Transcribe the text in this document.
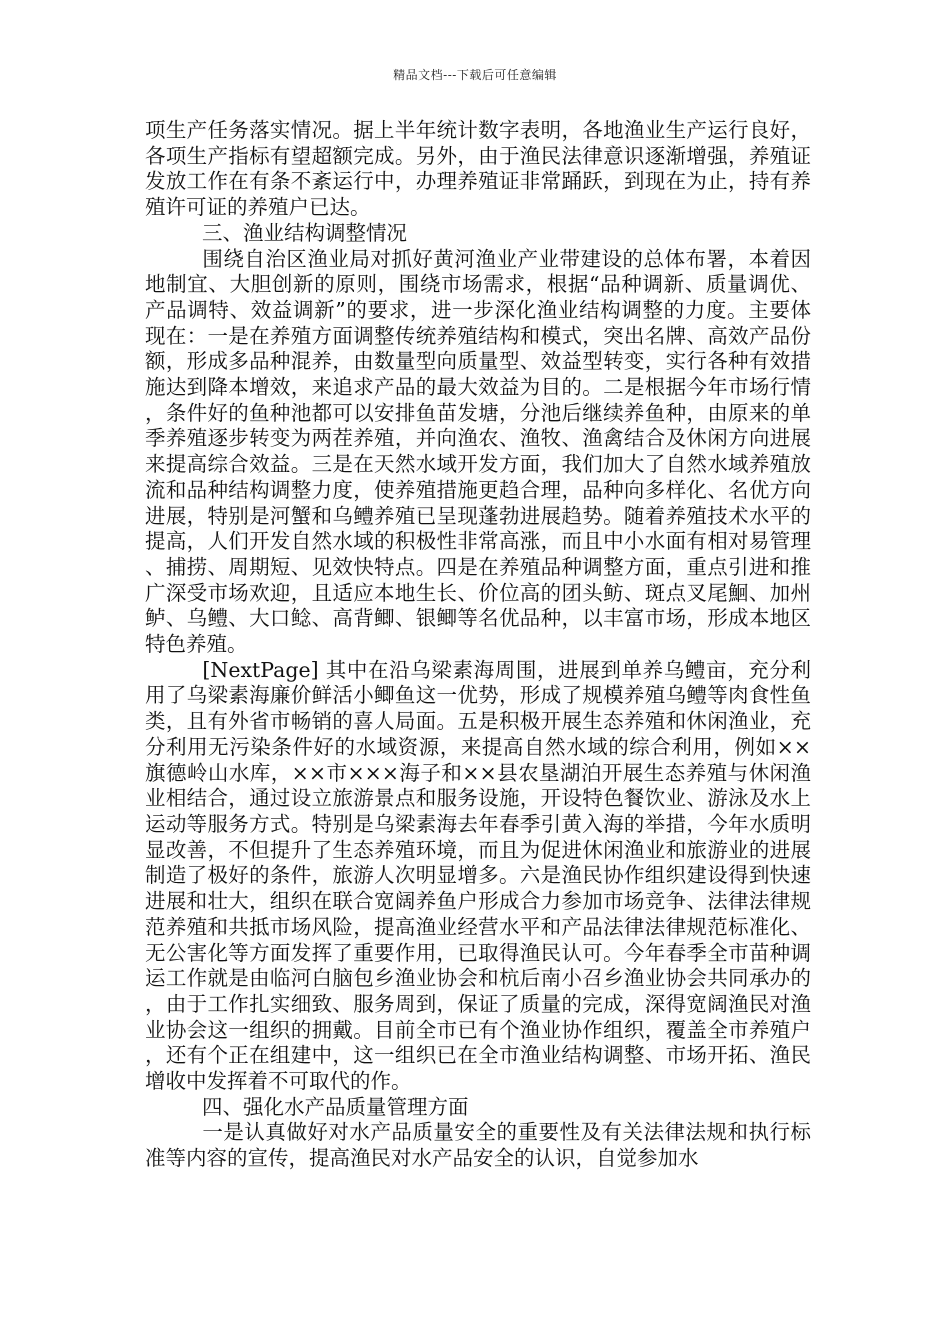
精品文档---下载后可任意编辑

项生产任务落实情况。据上半年统计数字表明，各地渔业生产运行良好，各项生产指标有望超额完成。另外，由于渔民法律意识逐渐增强，养殖证发放工作在有条不紊运行中，办理养殖证非常踊跃，到现在为止，持有养殖许可证的养殖户已达。

三、渔业结构调整情况

围绕自治区渔业局对抓好黄河渔业产业带建设的总体布署，本着因地制宜、大胆创新的原则，围绕市场需求，根据“品种调新、质量调优、产品调特、效益调新”的要求，进一步深化渔业结构调整的力度。主要体现在：一是在养殖方面调整传统养殖结构和模式，突出名牌、高效产品份额，形成多品种混养，由数量型向质量型、效益型转变，实行各种有效措施达到降本增效，来追求产品的最大效益为目的。二是根据今年市场行情，条件好的鱼种池都可以安排鱼苗发塘，分池后继续养鱼种，由原来的单季养殖逐步转变为两茬养殖，并向渔农、渔牧、渔禽结合及休闲方向进展来提高综合效益。三是在天然水域开发方面，我们加大了自然水域养殖放流和品种结构调整力度，使养殖措施更趋合理，品种向多样化、名优方向进展，特别是河蟹和乌鳢养殖已呈现蓬勃进展趋势。随着养殖技术水平的提高，人们开发自然水域的积极性非常高涨，而且中小水面有相对易管理、捕捞、周期短、见效快特点。四是在养殖品种调整方面，重点引进和推广深受市场欢迎，且适应本地生长、价位高的团头鲂、斑点叉尾鮰、加州鲈、乌鳢、大口鲶、高背鲫、银鲫等名优品种，以丰富市场，形成本地区特色养殖。

[NextPage] 其中在沿乌梁素海周围，进展到单养乌鳢亩，充分利用了乌梁素海廉价鲜活小鲫鱼这一优势，形成了规模养殖乌鳢等肉食性鱼类，且有外省市畅销的喜人局面。五是积极开展生态养殖和休闲渔业，充分利用无污染条件好的水域资源，来提高自然水域的综合利用，例如××旗德岭山水库，××市×××海子和××县农垦湖泊开展生态养殖与休闲渔业相结合，通过设立旅游景点和服务设施，开设特色餐饮业、游泳及水上运动等服务方式。特别是乌梁素海去年春季引黄入海的举措，今年水质明显改善，不但提升了生态养殖环境，而且为促进休闲渔业和旅游业的进展制造了极好的条件，旅游人次明显增多。六是渔民协作组织建设得到快速进展和壮大，组织在联合宽阔养鱼户形成合力参加市场竞争、法律法律规范养殖和共抵市场风险，提高渔业经营水平和产品法律法律规范标准化、无公害化等方面发挥了重要作用，已取得渔民认可。今年春季全市苗种调运工作就是由临河白脑包乡渔业协会和杭后南小召乡渔业协会共同承办的，由于工作扎实细致、服务周到，保证了质量的完成，深得宽阔渔民对渔业协会这一组织的拥戴。目前全市已有个渔业协作组织，覆盖全市养殖户，还有个正在组建中，这一组织已在全市渔业结构调整、市场开拓、渔民增收中发挥着不可取代的作。

四、强化水产品质量管理方面

一是认真做好对水产品质量安全的重要性及有关法律法规和执行标准等内容的宣传，提高渔民对水产品安全的认识，自觉参加水
